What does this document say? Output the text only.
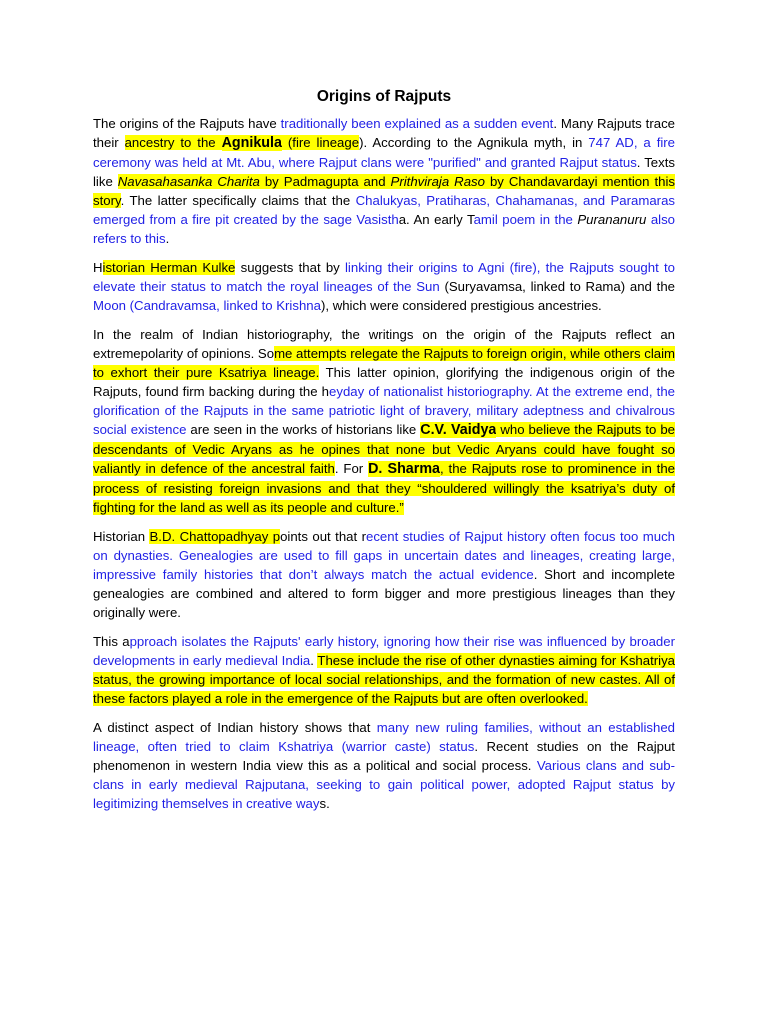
Origins of Rajputs

The origins of the Rajputs have traditionally been explained as a sudden event. Many Rajputs trace their ancestry to the Agnikula (fire lineage). According to the Agnikula myth, in 747 AD, a fire ceremony was held at Mt. Abu, where Rajput clans were "purified" and granted Rajput status. Texts like Navasahasanka Charita by Padmagupta and Prithviraja Raso by Chandavardayi mention this story. The latter specifically claims that the Chalukyas, Pratiharas, Chahamanas, and Paramaras emerged from a fire pit created by the sage Vasistha. An early Tamil poem in the Purananuru also refers to this.

Historian Herman Kulke suggests that by linking their origins to Agni (fire), the Rajputs sought to elevate their status to match the royal lineages of the Sun (Suryavamsa, linked to Rama) and the Moon (Candravamsa, linked to Krishna), which were considered prestigious ancestries.

In the realm of Indian historiography, the writings on the origin of the Rajputs reflect an extremepolarity of opinions. Some attempts relegate the Rajputs to foreign origin, while others claim to exhort their pure Ksatriya lineage. This latter opinion, glorifying the indigenous origin of the Rajputs, found firm backing during the heyday of nationalist historiography. At the extreme end, the glorification of the Rajputs in the same patriotic light of bravery, military adeptness and chivalrous social existence are seen in the works of historians like C.V. Vaidya who believe the Rajputs to be descendants of Vedic Aryans as he opines that none but Vedic Aryans could have fought so valiantly in defence of the ancestral faith. For D. Sharma, the Rajputs rose to prominence in the process of resisting foreign invasions and that they “shouldered willingly the ksatriya’s duty of fighting for the land as well as its people and culture.”

Historian B.D. Chattopadhyay points out that recent studies of Rajput history often focus too much on dynasties. Genealogies are used to fill gaps in uncertain dates and lineages, creating large, impressive family histories that don’t always match the actual evidence. Short and incomplete genealogies are combined and altered to form bigger and more prestigious lineages than they originally were.

This approach isolates the Rajputs' early history, ignoring how their rise was influenced by broader developments in early medieval India. These include the rise of other dynasties aiming for Kshatriya status, the growing importance of local social relationships, and the formation of new castes. All of these factors played a role in the emergence of the Rajputs but are often overlooked.

A distinct aspect of Indian history shows that many new ruling families, without an established lineage, often tried to claim Kshatriya (warrior caste) status. Recent studies on the Rajput phenomenon in western India view this as a political and social process. Various clans and sub-clans in early medieval Rajputana, seeking to gain political power, adopted Rajput status by legitimizing themselves in creative ways.
